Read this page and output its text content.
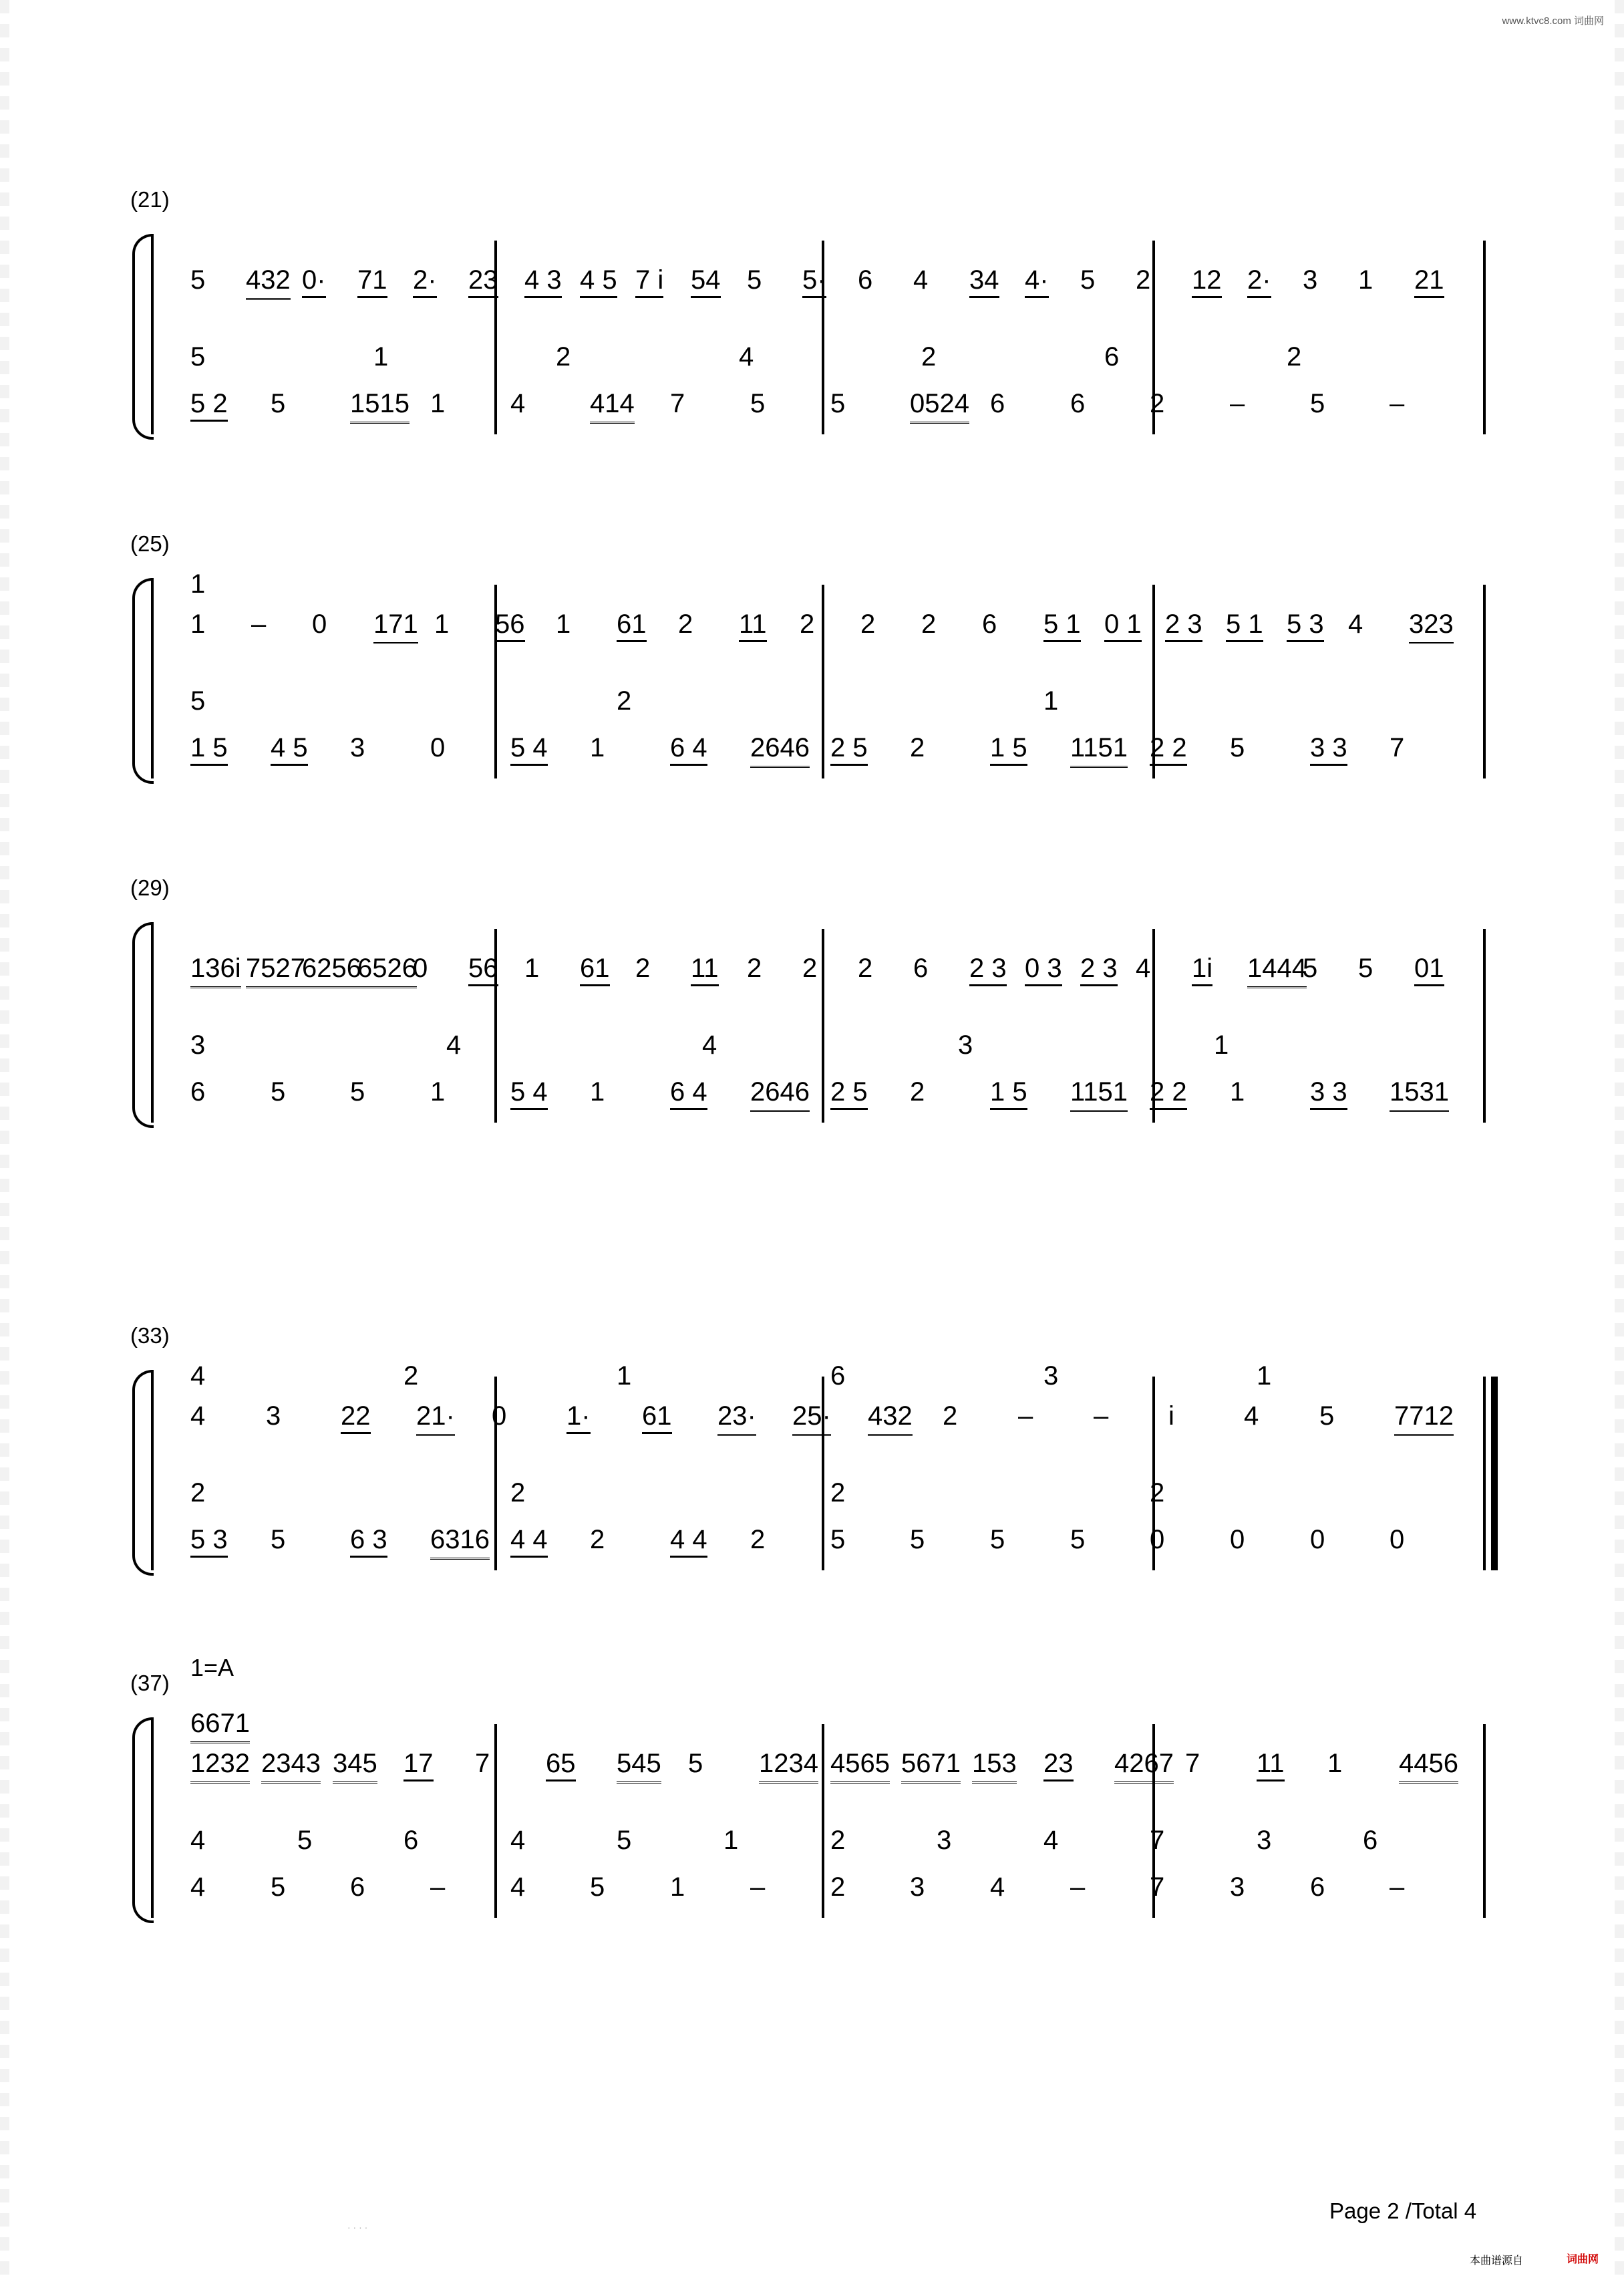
www.ktvc8.com 词曲网
(21)
5 432 0· 71 2· 23 4 3 4 5 7 i 54 5 5· 6 4 34 4· 5 2 12 2· 3 1 21
5	1	2	4	2	6	2
5 2 5 1515 1 4 414 7 5 5 0524 6 6 2 – 5 –
(25)
1
1 – 0 171 1 56 1 61 2 11 2 2 2 6 5 1 0 1 2 3 5 1 5 3 4 323
5	2	1
1 5 4 5 3 0 5 4 1 6 4 2646 2 5 2 1 5 1151 2 2 5 3 3 7
(29)
136i 7527
6256
6526
0 56 1 61 2 11 2 2 2 6 2 3 0 3 2 3 4 1i 1444
5 5 01
3	4	4	3	1
6 5 5 1 5 4 1 6 4 2646 2 5 2 1 5 1151 2 2 1 3 3 1531
(33)
4	2	1	6	3	1
4 3 22 21· 0 1· 61 23· 25· 432 2 – – i	4 5 7712
2	2	2	2
5 3 5 6 3 6316 4 4 2 4 4 2 5 5 5 5 0 0 0 0
(37)
1=A
6671
1232 2343 345 17 7 65 545 5 1234 4565 5671 153 23 4267 7 11 1 4456
4	5	6	4	5	1	2	3	4	7	3	6
4 5 6 – 4 5 1 – 2 3 4 – 7 3 6 –
· · · ·
Page 2 /Total 4
本曲谱源自	词曲网
